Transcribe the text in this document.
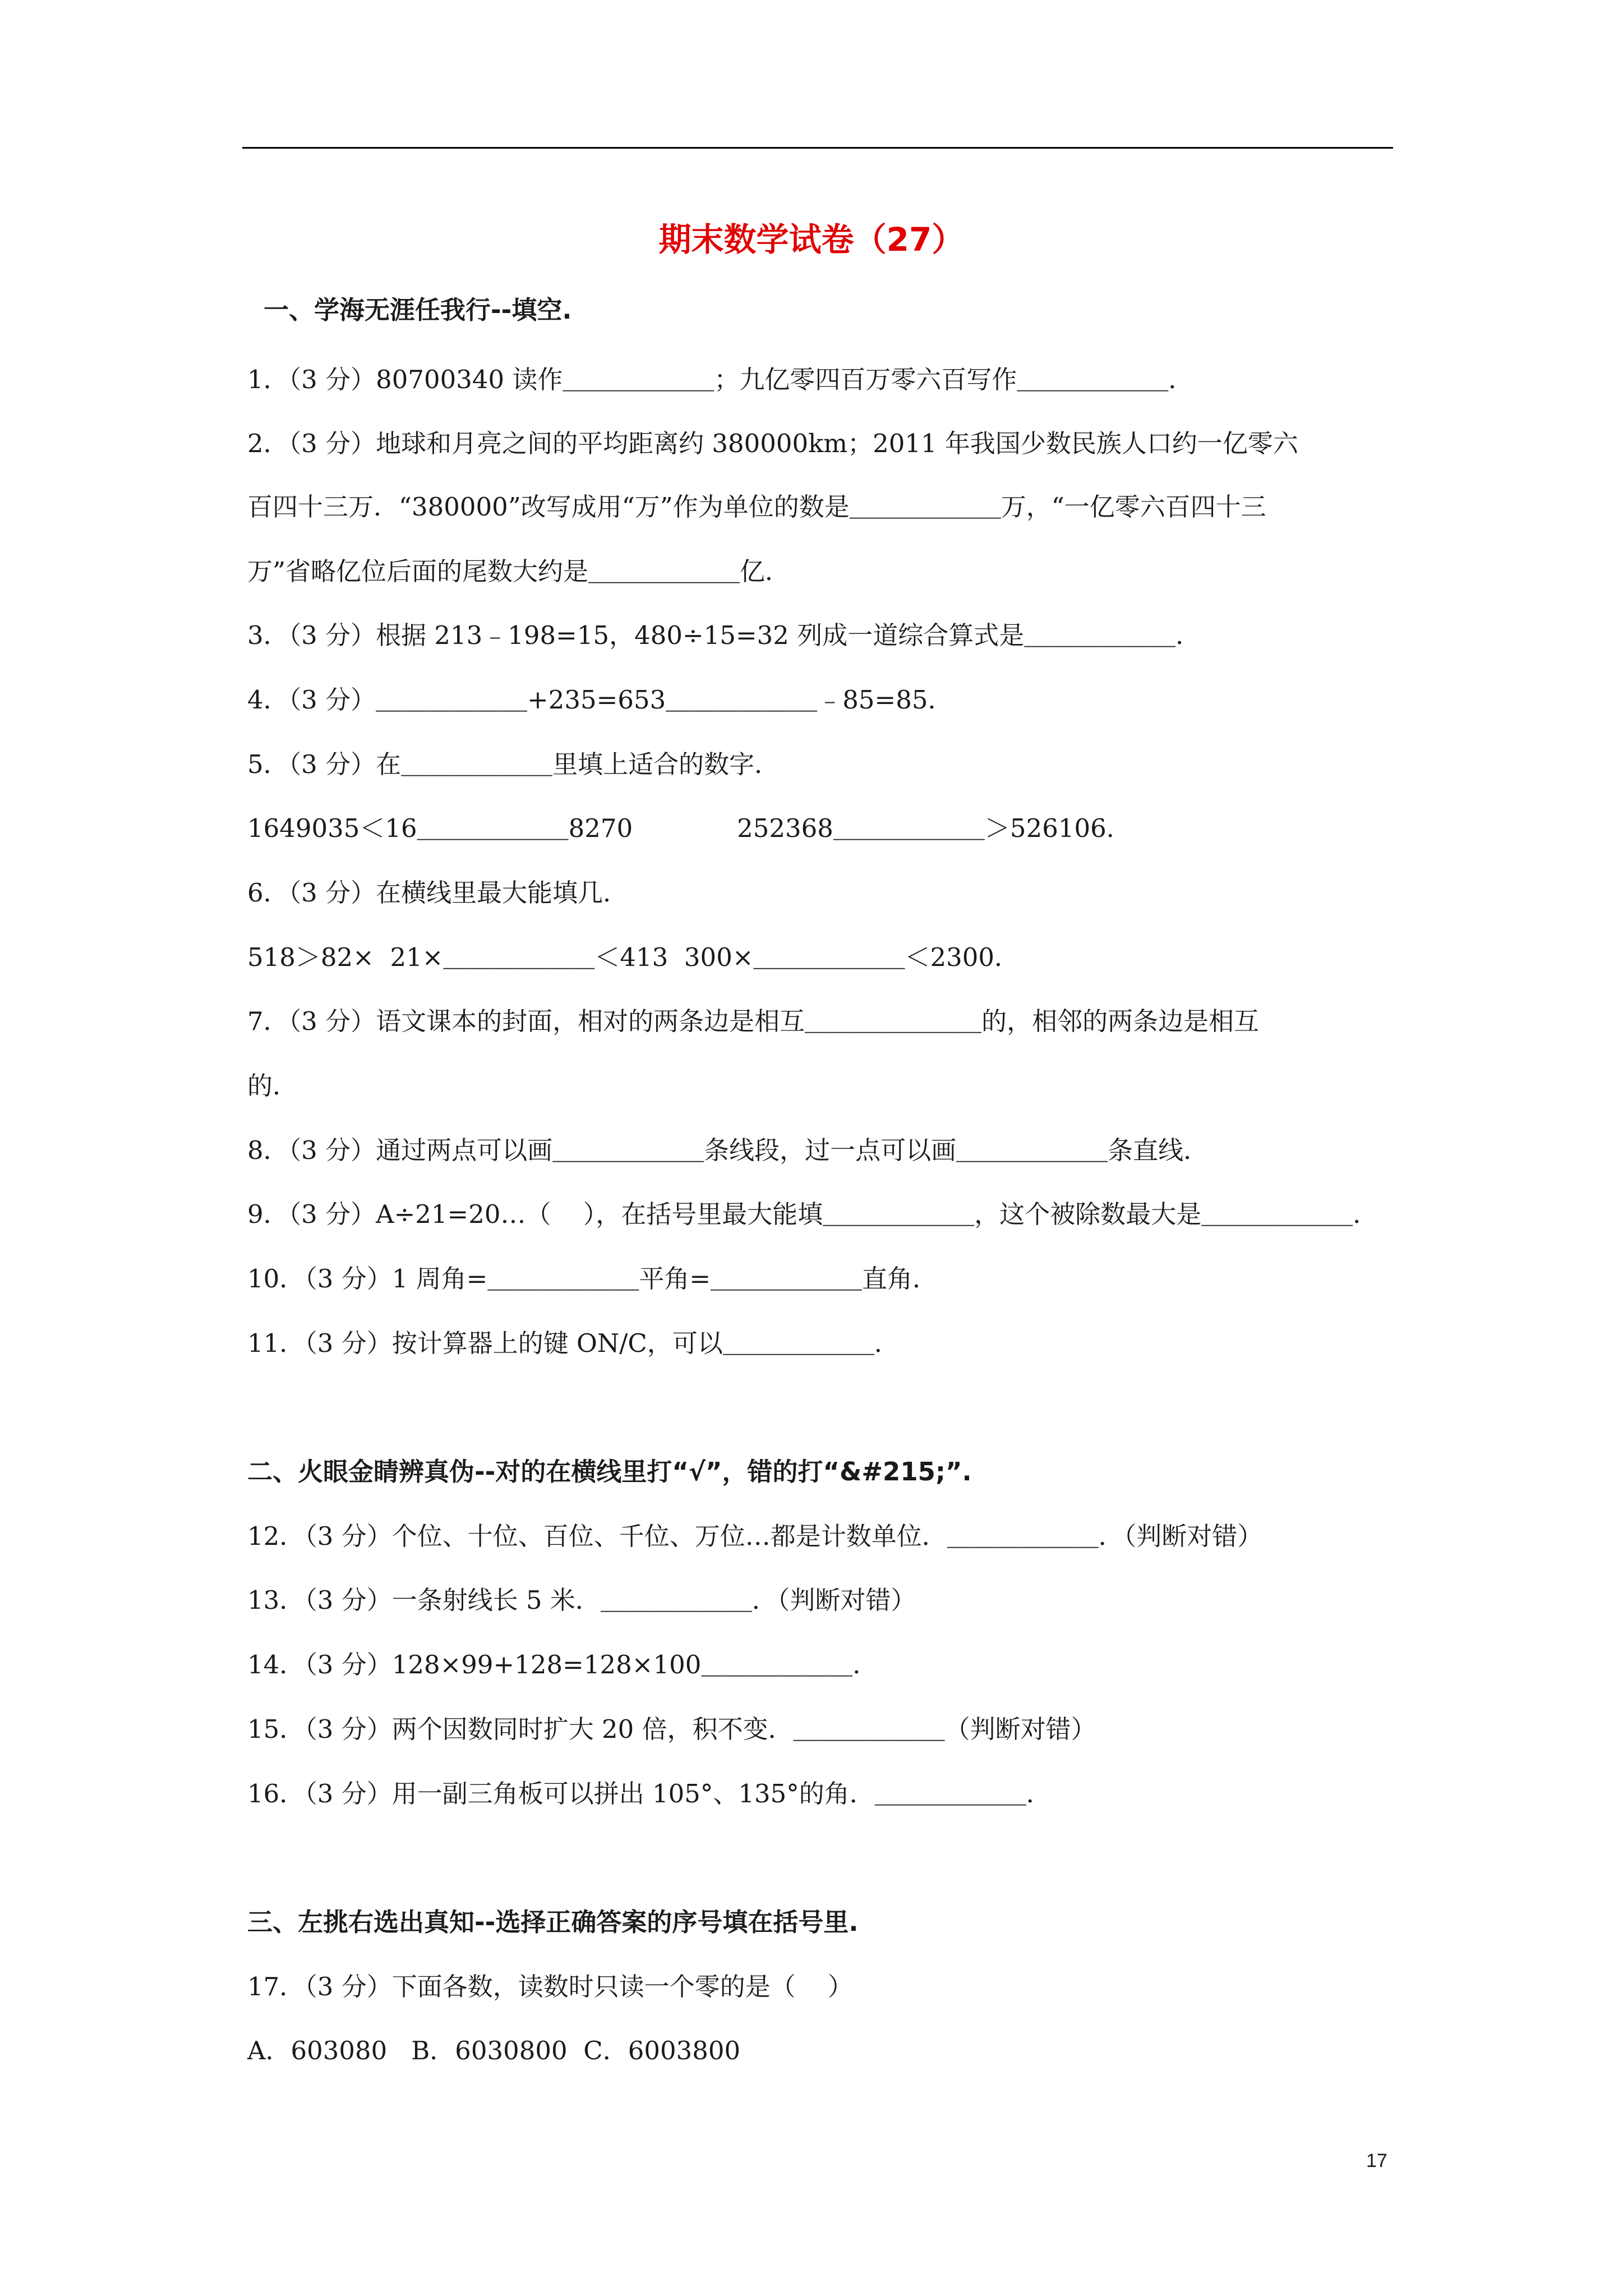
期末数学试卷（27）
一、学海无涯任我行--填空.
1．（3 分）80700340 读作＿＿＿＿＿＿；九亿零四百万零六百写作＿＿＿＿＿＿．
2．（3 分）地球和月亮之间的平均距离约 380000km；2011 年我国少数民族人口约一亿零六
百四十三万．“380000”改写成用“万”作为单位的数是＿＿＿＿＿＿万，“一亿零六百四十三
万”省略亿位后面的尾数大约是＿＿＿＿＿＿亿．
3．（3 分）根据 213﹣198=15，480÷15=32 列成一道综合算式是＿＿＿＿＿＿．
4．（3 分）＿＿＿＿＿＿+235=653＿＿＿＿＿＿﹣85=85．
5．（3 分）在＿＿＿＿＿＿里填上适合的数字．
1649035＜16＿＿＿＿＿＿8270             252368＿＿＿＿＿＿＞526106．
6．（3 分）在横线里最大能填几．
518＞82×  21×＿＿＿＿＿＿＜413  300×＿＿＿＿＿＿＜2300．
7．（3 分）语文课本的封面，相对的两条边是相互＿＿＿＿＿＿＿的，相邻的两条边是相互
的．
8．（3 分）通过两点可以画＿＿＿＿＿＿条线段，过一点可以画＿＿＿＿＿＿条直线．
9．（3 分）A÷21=20…（    ），在括号里最大能填＿＿＿＿＿＿，这个被除数最大是＿＿＿＿＿＿．
10．（3 分）1 周角=＿＿＿＿＿＿平角=＿＿＿＿＿＿直角．
11．（3 分）按计算器上的键 ON/C，可以＿＿＿＿＿＿．
二、火眼金睛辨真伪--对的在横线里打“√”，错的打“&#215;”.
12．（3 分）个位、十位、百位、千位、万位…都是计数单位．＿＿＿＿＿＿．（判断对错）
13．（3 分）一条射线长 5 米．＿＿＿＿＿＿．（判断对错）
14．（3 分）128×99+128=128×100＿＿＿＿＿＿．
15．（3 分）两个因数同时扩大 20 倍，积不变．＿＿＿＿＿＿（判断对错）
16．（3 分）用一副三角板可以拼出 105°、135°的角．＿＿＿＿＿＿．
三、左挑右选出真知--选择正确答案的序号填在括号里.
17．（3 分）下面各数，读数时只读一个零的是（    ）
A．603080   B．6030800  C．6003800
17
